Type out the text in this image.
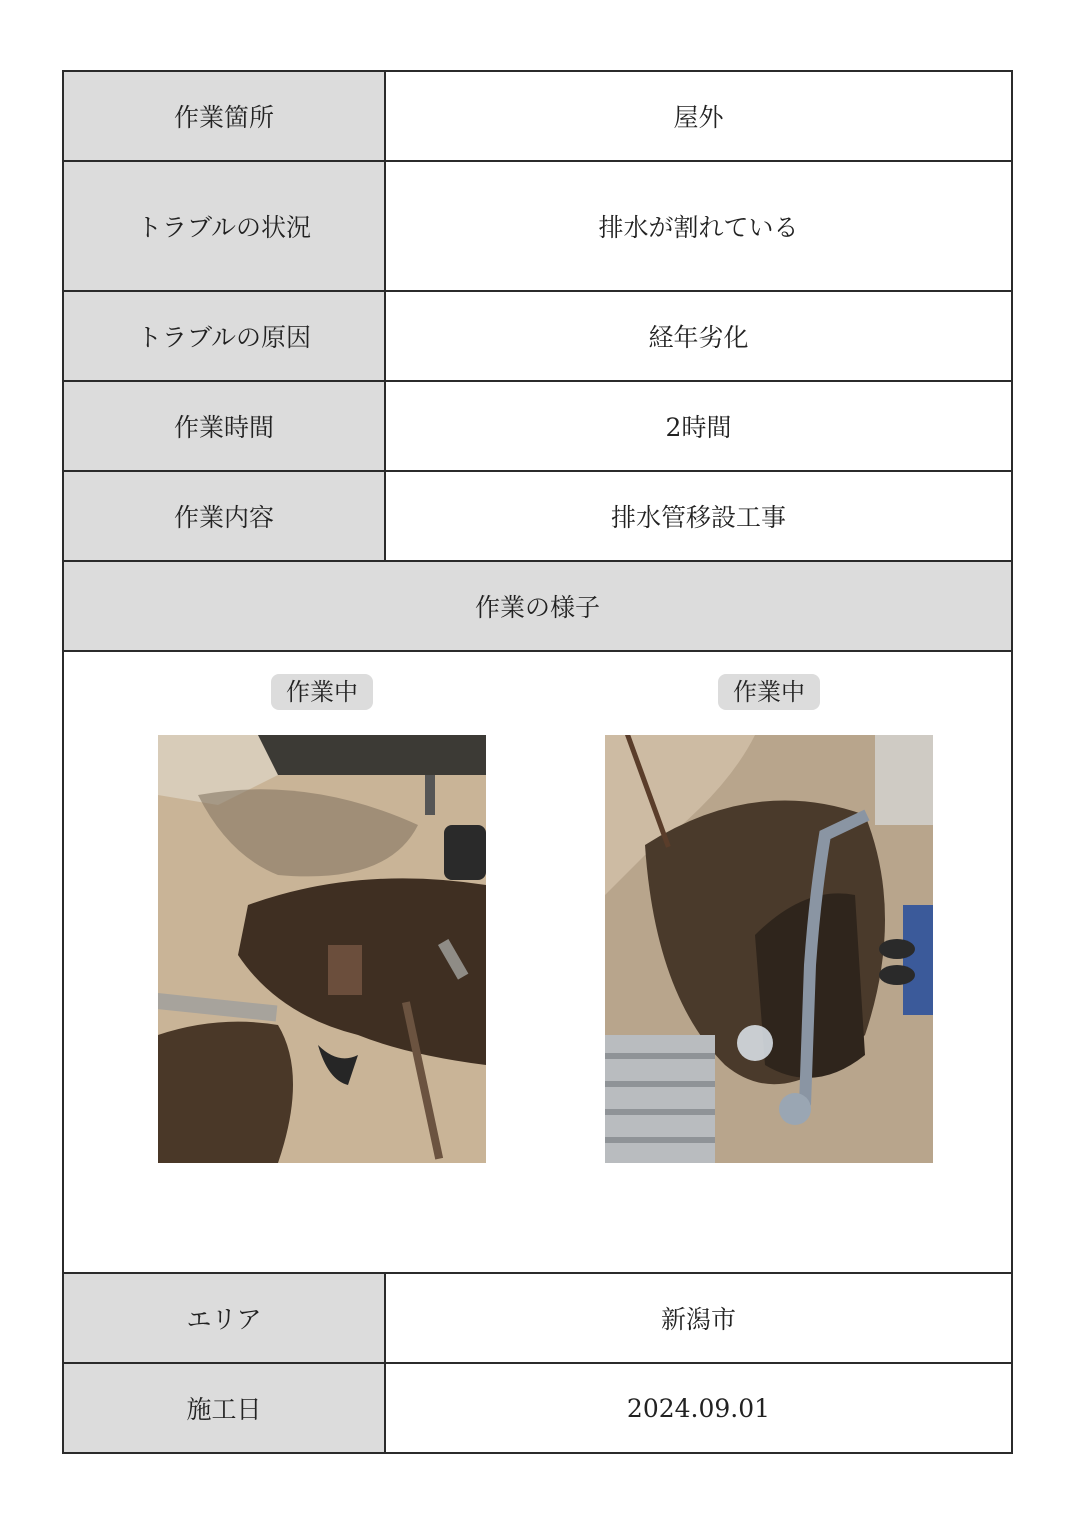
作業箇所	屋外
トラブルの状況	排水が割れている
トラブルの原因	経年劣化
作業時間	2時間
作業内容	排水管移設工事
作業の様子	

作業中 作業中	

エリア	新潟市
施工日	2024.09.01
